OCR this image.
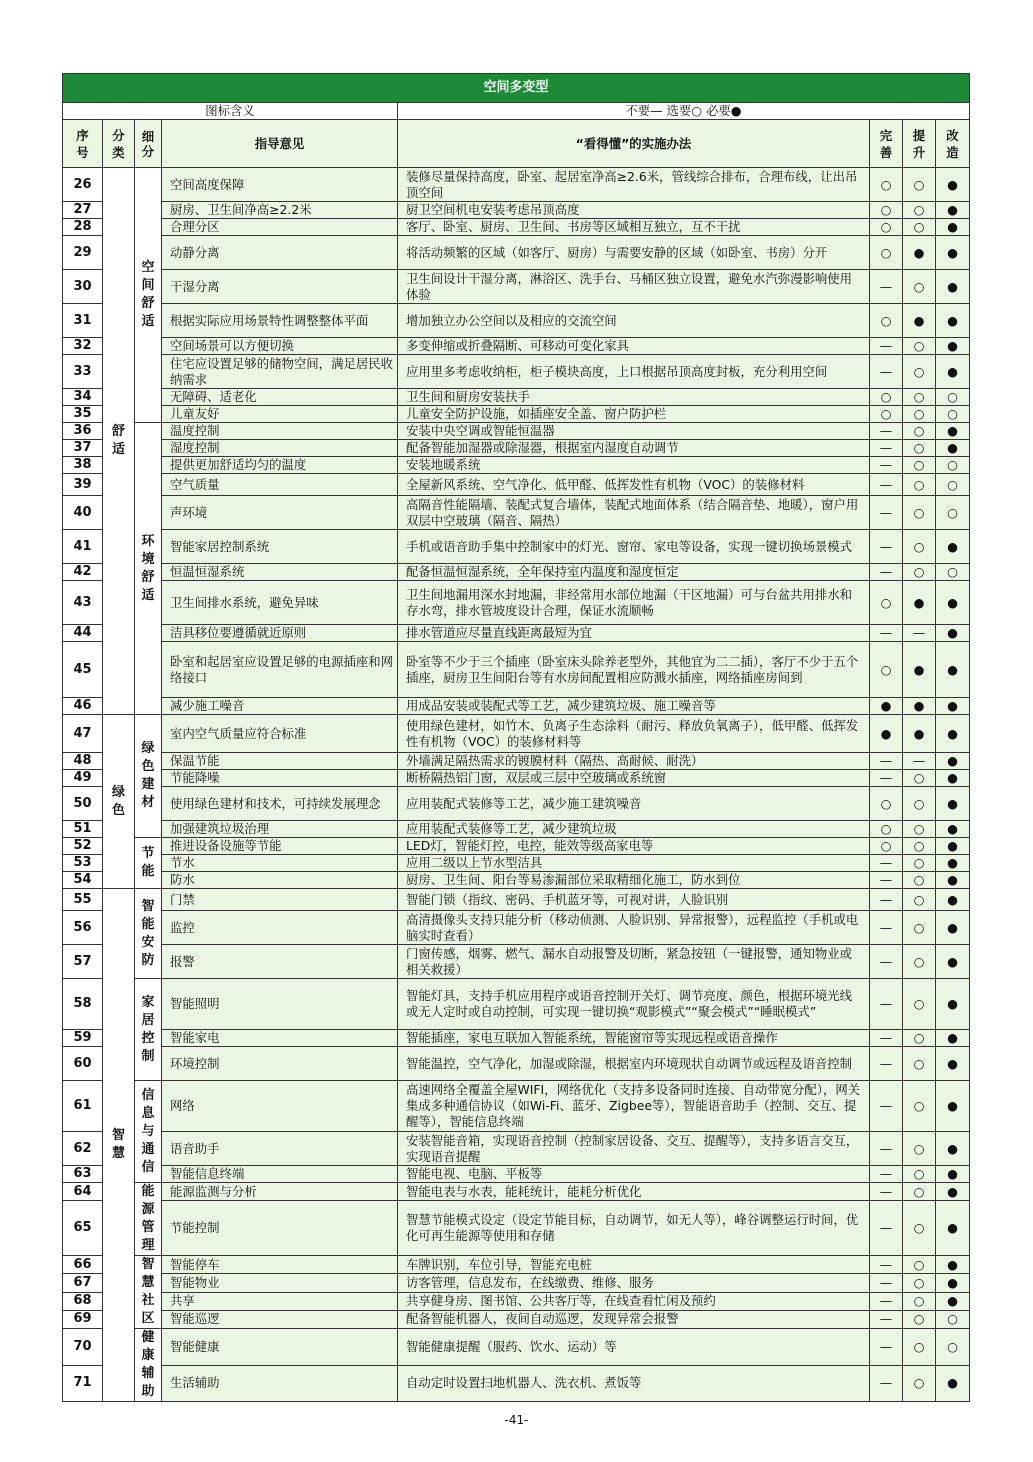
空间多变型							
图标含义				不要— 选要○ 必要●			

序号	分类	细分	指导意见	“看得懂”的实施办法	完善	提升	改造

26	舒适	空间舒适	空间高度保障	装修尽量保持高度，卧室、起居室净高≥2.6米，管线综合排布，合理布线，让出吊顶空间	○	○	●
27			厨房、卫生间净高≥2.2米	厨卫空间机电安装考虑吊顶高度	○	○	●
28			合理分区	客厅、卧室、厨房、卫生间、书房等区域相互独立，互不干扰	○	○	●
29			动静分离	将活动频繁的区域（如客厅、厨房）与需要安静的区域（如卧室、书房）分开	○	●	●
30			干湿分离	卫生间设计干湿分离，淋浴区、洗手台、马桶区独立设置，避免水汽弥漫影响使用体验	—	○	●
31			根据实际应用场景特性调整整体平面	增加独立办公空间以及相应的交流空间	○	●	●
32			空间场景可以方便切换	多变伸缩或折叠隔断、可移动可变化家具	—	○	●
33			住宅应设置足够的储物空间，满足居民收纳需求	应用里多考虑收纳柜，柜子模块高度，上口根据吊顶高度封板，充分利用空间	—	○	●
34			无障碍、适老化	卫生间和厨房安装扶手	○	○	○
35			儿童友好	儿童安全防护设施，如插座安全盖、窗户防护栏	○	○	○
36		环境舒适	温度控制	安装中央空调或智能恒温器	—	○	●
37			湿度控制	配备智能加湿器或除湿器，根据室内湿度自动调节	—	○	●
38			提供更加舒适均匀的温度	安装地暖系统	—	○	○
39			空气质量	全屋新风系统、空气净化、低甲醛、低挥发性有机物（VOC）的装修材料	—	○	○
40			声环境	高隔音性能隔墙、装配式复合墙体，装配式地面体系（结合隔音垫、地暖），窗户用双层中空玻璃（隔音、隔热）	—	○	○
41			智能家居控制系统	手机或语音助手集中控制家中的灯光、窗帘、家电等设备，实现一键切换场景模式	—	○	●
42			恒温恒湿系统	配备恒温恒湿系统，全年保持室内温度和湿度恒定	—	○	○
43			卫生间排水系统，避免异味	卫生间地漏用深水封地漏，非经常用水部位地漏（干区地漏）可与台盆共用排水和存水弯，排水管坡度设计合理，保证水流顺畅	○	●	●
44			洁具移位要遵循就近原则	排水管道应尽量直线距离最短为宜	—	—	●
45			卧室和起居室应设置足够的电源插座和网络接口	卧室等不少于三个插座（卧室床头除养老型外，其他宜为二二插），客厅不少于五个插座，厨房卫生间阳台等有水房间配置相应防溅水插座，网络插座房间到	○	●	●
46			减少施工噪音	用成品安装或装配式等工艺，减少建筑垃圾、施工噪音等	●	●	●
47	绿色	绿色建材	室内空气质量应符合标准	使用绿色建材，如竹木、负离子生态涂料（耐污、释放负氧离子），低甲醛、低挥发性有机物（VOC）的装修材料等	●	●	●
48			保温节能	外墙满足隔热需求的镀膜材料（隔热、高耐候、耐洗）	—	—	●
49			节能降噪	断桥隔热铝门窗，双层或三层中空玻璃或系统窗	—	○	●
50			使用绿色建材和技术，可持续发展理念	应用装配式装修等工艺，减少施工建筑噪音	○	○	●
51			加强建筑垃圾治理	应用装配式装修等工艺，减少建筑垃圾	○	○	●
52		节能	推进设备设施等节能	LED灯，智能灯控，电控，能效等级高家电等	○	○	●
53			节水	应用二级以上节水型洁具	—	○	●
54			防水	厨房、卫生间、阳台等易渗漏部位采取精细化施工，防水到位	—	○	●
55	智慧	智能安防	门禁	智能门锁（指纹、密码、手机蓝牙等，可视对讲，人脸识别	—	○	●
56			监控	高清摄像头支持只能分析（移动侦测、人脸识别、异常报警），远程监控（手机或电脑实时查看）	—	○	●
57			报警	门窗传感，烟雾、燃气、漏水自动报警及切断，紧急按钮（一键报警，通知物业或相关救援）	—	○	●
58		家居控制	智能照明	智能灯具，支持手机应用程序或语音控制开关灯、调节亮度、颜色，根据环境光线或无人定时或自动控制，可实现一键切换“观影模式”“聚会模式”“睡眠模式”	—	○	●
59			智能家电	智能插座，家电互联加入智能系统，智能窗帘等实现远程或语音操作	—	○	●
60			环境控制	智能温控，空气净化，加湿或除湿，根据室内环境现状自动调节或远程及语音控制	—	○	●
61		信息与通信	网络	高速网络全覆盖全屋WIFI，网络优化（支持多设备同时连接、自动带宽分配），网关集成多种通信协议（如Wi-Fi、蓝牙、Zigbee等），智能语音助手（控制、交互、提醒等），智能信息终端	—	○	●
62			语音助手	安装智能音箱，实现语音控制（控制家居设备、交互、提醒等），支持多语言交互，实现语音提醒	—	○	●
63			智能信息终端	智能电视、电脑、平板等	—	○	●
64		能源管理	能源监测与分析	智能电表与水表，能耗统计，能耗分析优化	—	○	●
65			节能控制	智慧节能模式设定（设定节能目标，自动调节，如无人等），峰谷调整运行时间，优化可再生能源等使用和存储	—	○	●
66		智慧社区	智能停车	车牌识别，车位引导，智能充电桩	—	○	●
67			智能物业	访客管理，信息发布，在线缴费、维修、服务	—	○	●
68			共享	共享健身房、图书馆、公共客厅等，在线查看忙闲及预约	—	○	●
69			智能巡逻	配备智能机器人，夜间自动巡逻，发现异常会报警	—	○	○
70		健康辅助	智能健康	智能健康提醒（服药、饮水、运动）等	—	○	○
71			生活辅助	自动定时设置扫地机器人、洗衣机、煮饭等	—	○	●
-41-
